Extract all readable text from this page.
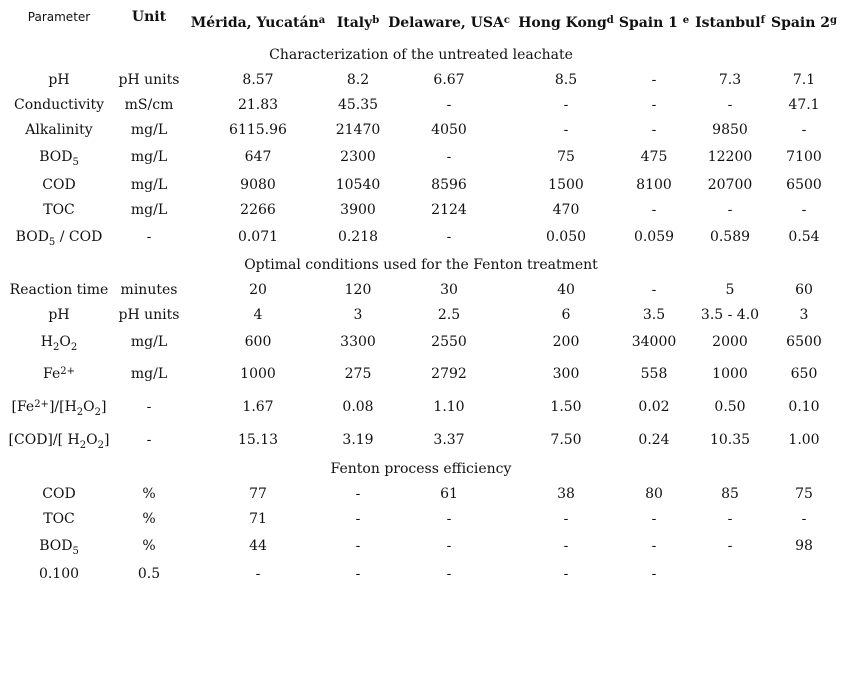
Parameter	Unit	Mérida, Yucatán$^a$	Italy$^b$	Delaware, USA$^c$	Hong Kong$^d$	Spain 1 $^e$	Istanbul$^f$	Spain 2$^g$
Characterization of the untreated leachate								
pH	pH units	8.57	8.2	6.67	8.5	-	7.3	7.1
Conductivity	mS/cm	21.83	45.35	-	-	-	-	47.1
Alkalinity	mg/L	6115.96	21470	4050	-	-	9850	-
$BOD_5$	mg/L	647	2300	-	75	475	12200	7100
COD	mg/L	9080	10540	8596	1500	8100	20700	6500
TOC	mg/L	2266	3900	2124	470	-	-	-
$BOD_5$ / COD	-	0.071	0.218	-	0.050	0.059	0.589	0.54
Optimal conditions used for the Fenton treatment								
Reaction time	minutes	20	120	30	40	-	5	60
pH	pH units	4	3	2.5	6	3.5	3.5 - 4.0	3
$H_2O_2$	mg/L	600	3300	2550	200	34000	2000	6500
$Fe^{2+}$	mg/L	1000	275	2792	300	558	1000	650
$[Fe^{2+}]/[H_2O_2]$	-	1.67	0.08	1.10	1.50	0.02	0.50	0.10
[COD]/[ $H_2O_2$]	-	15.13	3.19	3.37	7.50	0.24	10.35	1.00
Fenton process efficiency								
COD	%	77	-	61	38	80	85	75
TOC	%	71	-	-	-	-	-	-
$BOD_5$	%	44	-	-	-	-	-	98
0.100	0.5	-	-	-	-	-		
